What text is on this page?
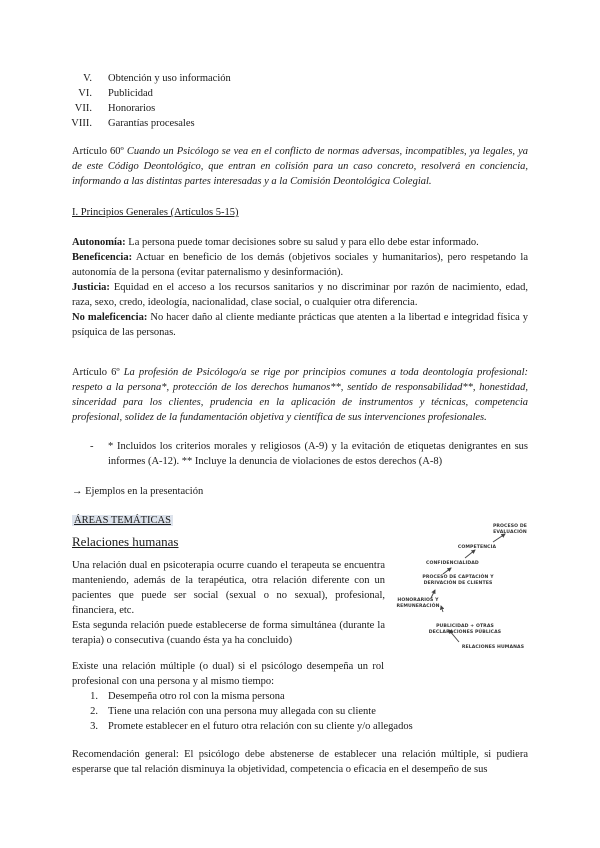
V. Obtención y uso información
VI. Publicidad
VII. Honorarios
VIII. Garantías procesales
Artículo 60º Cuando un Psicólogo se vea en el conflicto de normas adversas, incompatibles, ya legales, ya de este Código Deontológico, que entran en colisión para un caso concreto, resolverá en conciencia, informando a las distintas partes interesadas y a la Comisión Deontológica Colegial.
I. Principios Generales (Artículos 5-15)
Autonomía: La persona puede tomar decisiones sobre su salud y para ello debe estar informado.
Beneficencia: Actuar en beneficio de los demás (objetivos sociales y humanitarios), pero respetando la autonomía de la persona (evitar paternalismo y desinformación).
Justicia: Equidad en el acceso a los recursos sanitarios y no discriminar por razón de nacimiento, edad, raza, sexo, credo, ideología, nacionalidad, clase social, o cualquier otra diferencia.
No maleficencia: No hacer daño al cliente mediante prácticas que atenten a la libertad e integridad física y psíquica de las personas.
Artículo 6º La profesión de Psicólogo/a se rige por principios comunes a toda deontología profesional: respeto a la persona*, protección de los derechos humanos**, sentido de responsabilidad**, honestidad, sinceridad para los clientes, prudencia en la aplicación de instrumentos y técnicas, competencia profesional, solidez de la fundamentación objetiva y científica de sus intervenciones profesionales.
- * Incluidos los criterios morales y religiosos (A-9) y la evitación de etiquetas denigrantes en sus informes (A-12). ** Incluye la denuncia de violaciones de estos derechos (A-8)
→ Ejemplos en la presentación
ÁREAS TEMÁTICAS
Relaciones humanas
Una relación dual en psicoterapia ocurre cuando el terapeuta se encuentra manteniendo, además de la terapéutica, otra relación diferente con un pacientes que puede ser social (sexual o no sexual), profesional, financiera, etc.
Esta segunda relación puede establecerse de forma simultánea (durante la terapia) o consecutiva (cuando ésta ya ha concluido)
PROCESO DE EVALUACIÓN
COMPETENCIA
CONFIDENCIALIDAD
PROCESO DE CAPTACIÓN Y DERIVACIÓN DE CLIENTES
HONORARIOS Y REMUNERACIÓN
PUBLICIDAD + OTRAS DECLARACIONES PÚBLICAS
RELACIONES HUMANAS
Existe una relación múltiple (o dual) si el psicólogo desempeña un rol profesional con una persona y al mismo tiempo:
1. Desempeña otro rol con la misma persona
2. Tiene una relación con una persona muy allegada con su cliente
3. Promete establecer en el futuro otra relación con su cliente y/o allegados
Recomendación general: El psicólogo debe abstenerse de establecer una relación múltiple, si pudiera esperarse que tal relación disminuya la objetividad, competencia o eficacia en el desempeño de sus
